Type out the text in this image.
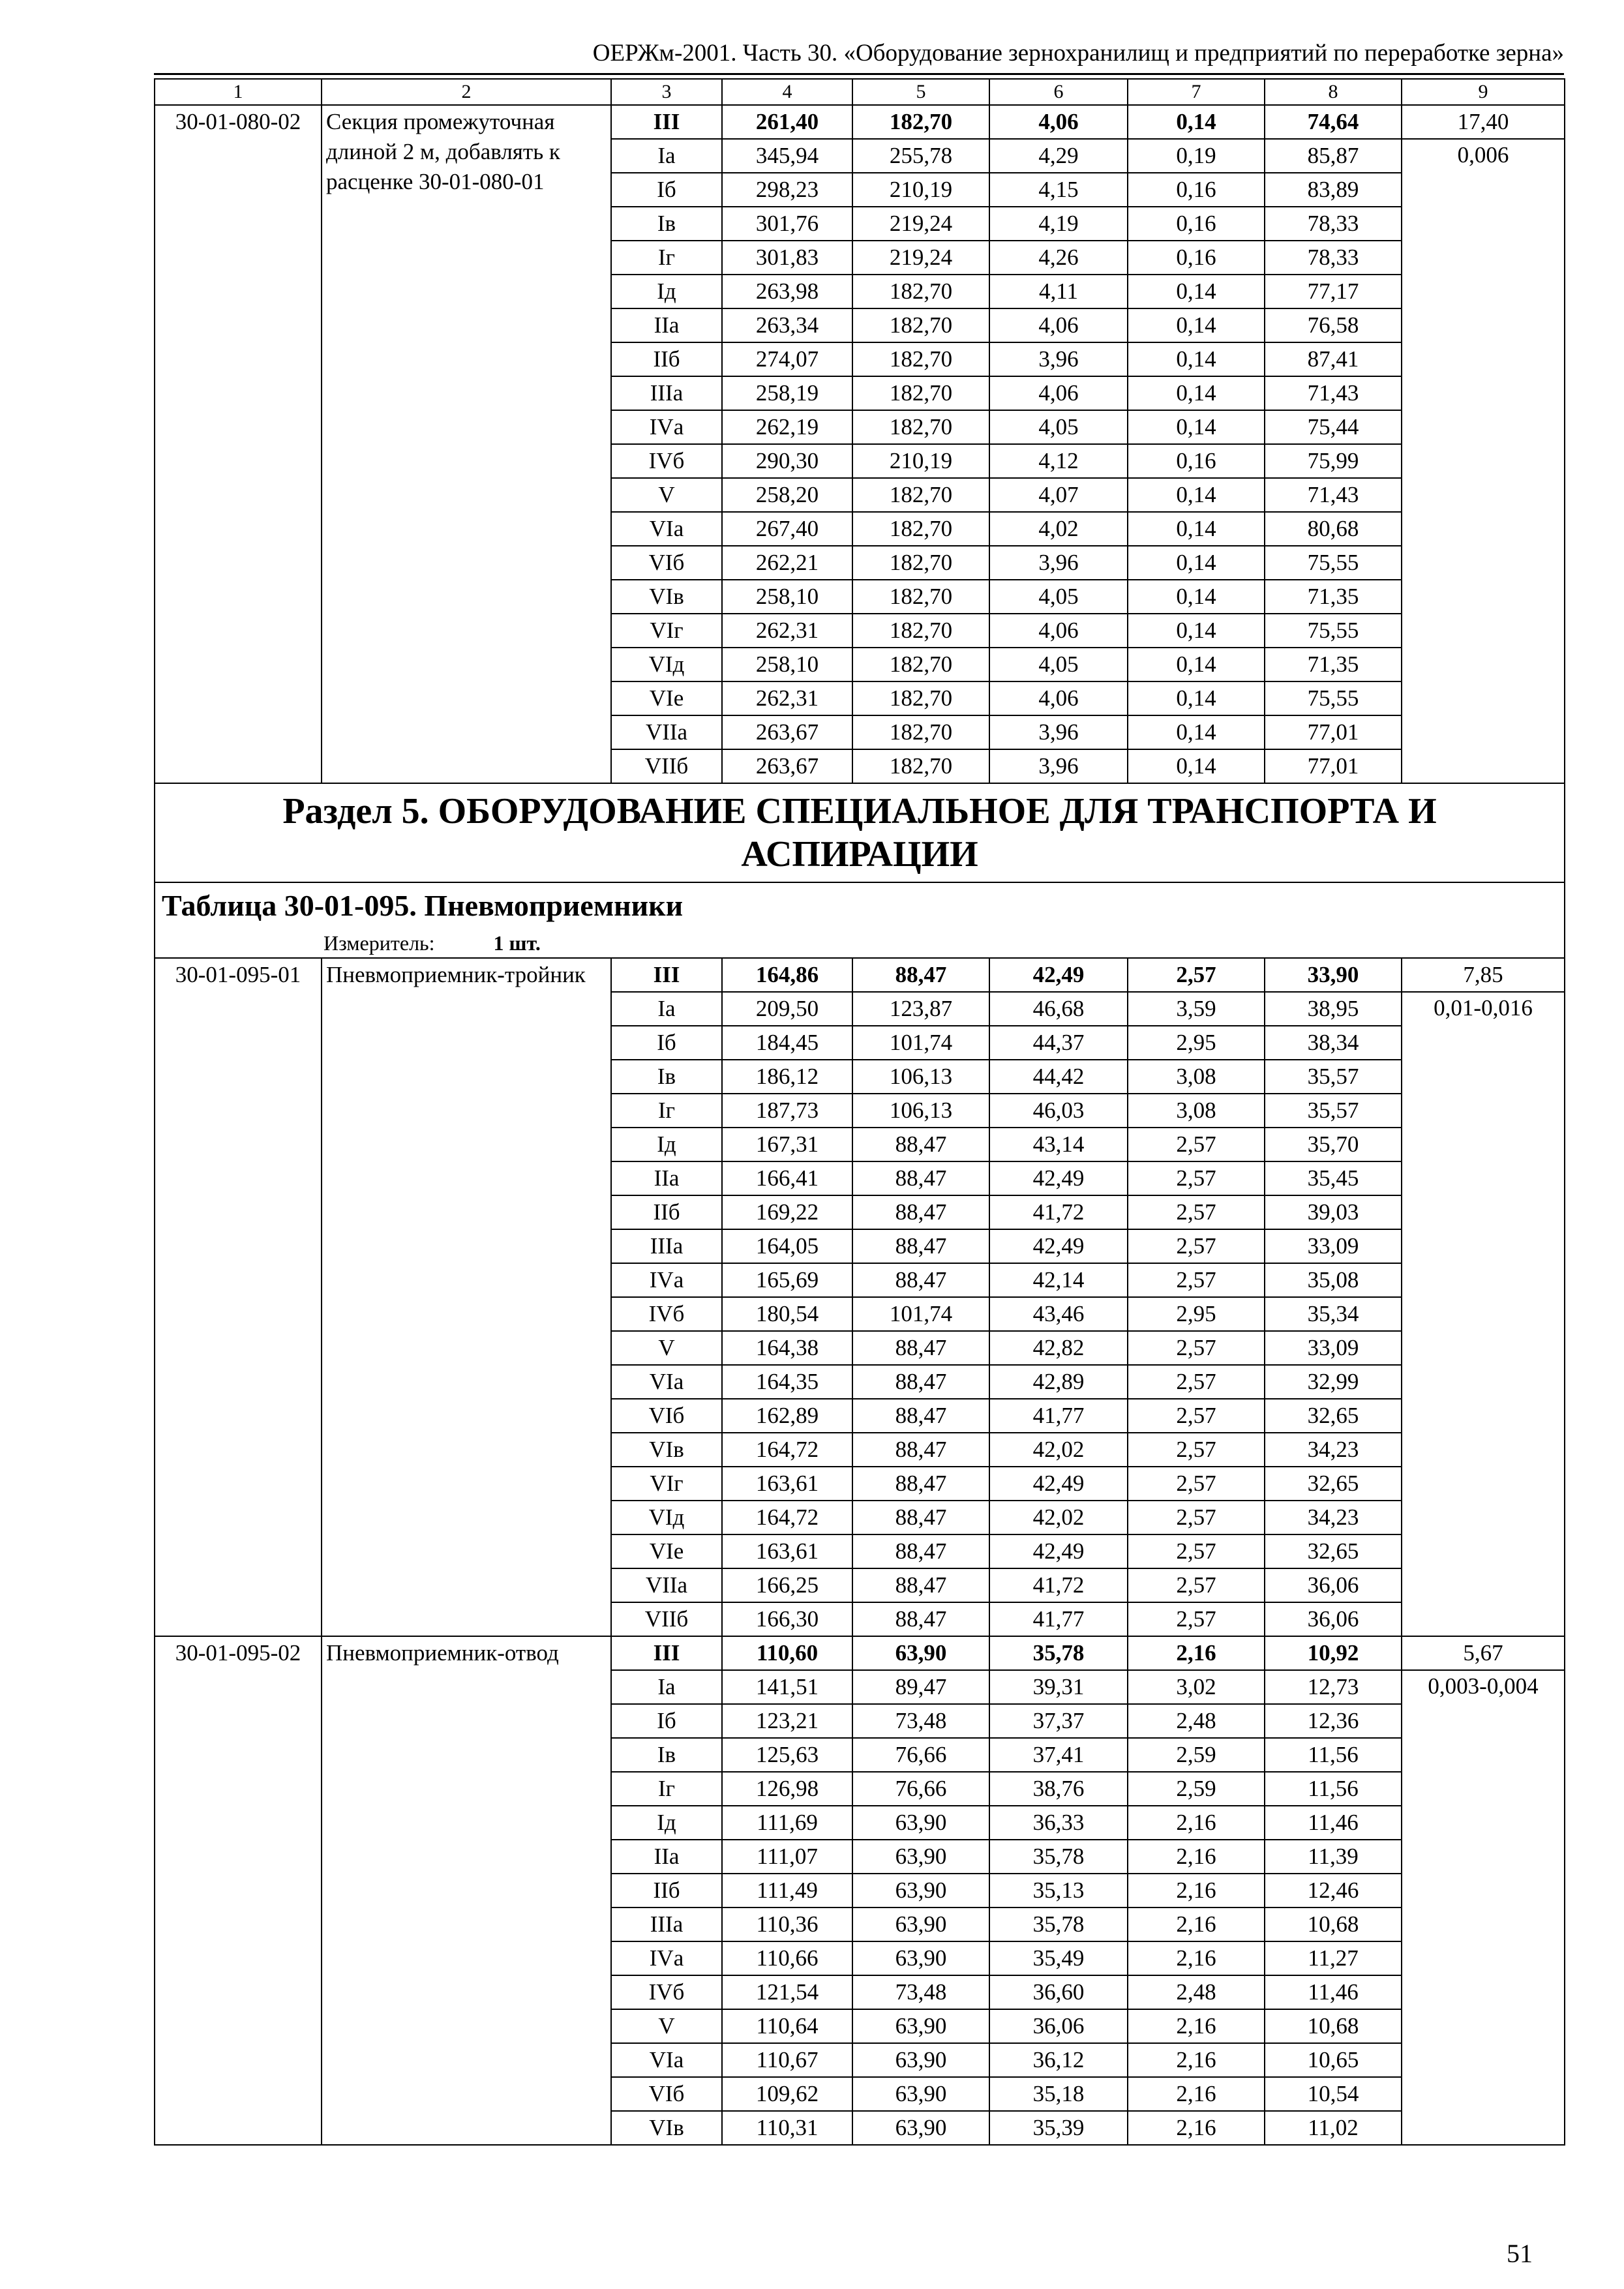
ОЕРЖм-2001. Часть 30. «Оборудование зернохранилищ и предприятий по переработке зерна»
1	2	3	4	5	6	7	8	9
30-01-080-02	Секция промежуточная длиной 2 м, добавлять к расценке 30-01-080-01	III	261,40	182,70	4,06	0,14	74,64	17,40
		Iа	345,94	255,78	4,29	0,19	85,87	0,006
		Iб	298,23	210,19	4,15	0,16	83,89	
		Iв	301,76	219,24	4,19	0,16	78,33	
		Iг	301,83	219,24	4,26	0,16	78,33	
		Iд	263,98	182,70	4,11	0,14	77,17	
		IIа	263,34	182,70	4,06	0,14	76,58	
		IIб	274,07	182,70	3,96	0,14	87,41	
		IIIа	258,19	182,70	4,06	0,14	71,43	
		IVа	262,19	182,70	4,05	0,14	75,44	
		IVб	290,30	210,19	4,12	0,16	75,99	
		V	258,20	182,70	4,07	0,14	71,43	
		VIа	267,40	182,70	4,02	0,14	80,68	
		VIб	262,21	182,70	3,96	0,14	75,55	
		VIв	258,10	182,70	4,05	0,14	71,35	
		VIг	262,31	182,70	4,06	0,14	75,55	
		VIд	258,10	182,70	4,05	0,14	71,35	
		VIе	262,31	182,70	4,06	0,14	75,55	
		VIIа	263,67	182,70	3,96	0,14	77,01	
		VIIб	263,67	182,70	3,96	0,14	77,01	
Раздел 5. ОБОРУДОВАНИЕ СПЕЦИАЛЬНОЕ ДЛЯ ТРАНСПОРТА И АСПИРАЦИИ								
Таблица 30-01-095. Пневмоприемники								
Измеритель: 1 шт.								
30-01-095-01	Пневмоприемник-тройник	III	164,86	88,47	42,49	2,57	33,90	7,85
		Iа	209,50	123,87	46,68	3,59	38,95	0,01-0,016
		Iб	184,45	101,74	44,37	2,95	38,34	
		Iв	186,12	106,13	44,42	3,08	35,57	
		Iг	187,73	106,13	46,03	3,08	35,57	
		Iд	167,31	88,47	43,14	2,57	35,70	
		IIа	166,41	88,47	42,49	2,57	35,45	
		IIб	169,22	88,47	41,72	2,57	39,03	
		IIIа	164,05	88,47	42,49	2,57	33,09	
		IVа	165,69	88,47	42,14	2,57	35,08	
		IVб	180,54	101,74	43,46	2,95	35,34	
		V	164,38	88,47	42,82	2,57	33,09	
		VIа	164,35	88,47	42,89	2,57	32,99	
		VIб	162,89	88,47	41,77	2,57	32,65	
		VIв	164,72	88,47	42,02	2,57	34,23	
		VIг	163,61	88,47	42,49	2,57	32,65	
		VIд	164,72	88,47	42,02	2,57	34,23	
		VIе	163,61	88,47	42,49	2,57	32,65	
		VIIа	166,25	88,47	41,72	2,57	36,06	
		VIIб	166,30	88,47	41,77	2,57	36,06	
30-01-095-02	Пневмоприемник-отвод	III	110,60	63,90	35,78	2,16	10,92	5,67
		Iа	141,51	89,47	39,31	3,02	12,73	0,003-0,004
		Iб	123,21	73,48	37,37	2,48	12,36	
		Iв	125,63	76,66	37,41	2,59	11,56	
		Iг	126,98	76,66	38,76	2,59	11,56	
		Iд	111,69	63,90	36,33	2,16	11,46	
		IIа	111,07	63,90	35,78	2,16	11,39	
		IIб	111,49	63,90	35,13	2,16	12,46	
		IIIа	110,36	63,90	35,78	2,16	10,68	
		IVа	110,66	63,90	35,49	2,16	11,27	
		IVб	121,54	73,48	36,60	2,48	11,46	
		V	110,64	63,90	36,06	2,16	10,68	
		VIа	110,67	63,90	36,12	2,16	10,65	
		VIб	109,62	63,90	35,18	2,16	10,54	
		VIв	110,31	63,90	35,39	2,16	11,02	
51
